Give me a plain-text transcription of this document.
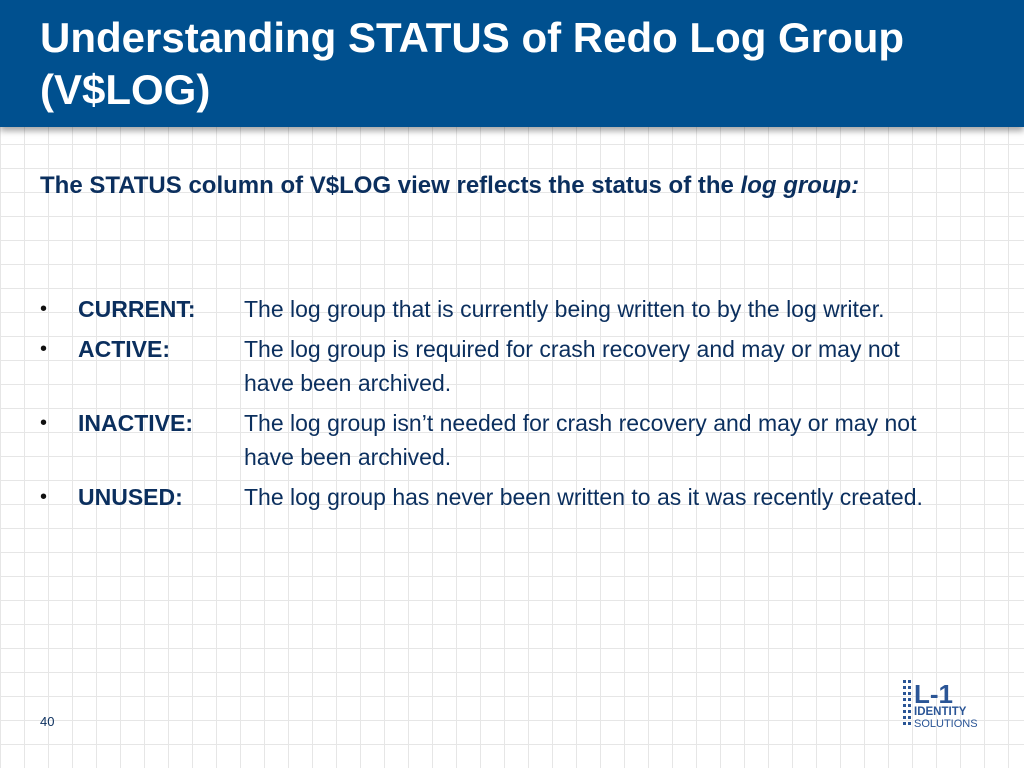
Understanding STATUS of Redo Log Group (V$LOG)
The STATUS column of V$LOG view reflects the status of the log group:
•	CURRENT:	The log group that is currently being written to by the log writer.
•	ACTIVE:	The log group is required for crash recovery and may or may not have been archived.
•	INACTIVE:	The log group isn’t needed for crash recovery and may or may not have been archived.
•	UNUSED:	The log group has never been written to as it was recently created.
40
L-1
IDENTITY
SOLUTIONS
